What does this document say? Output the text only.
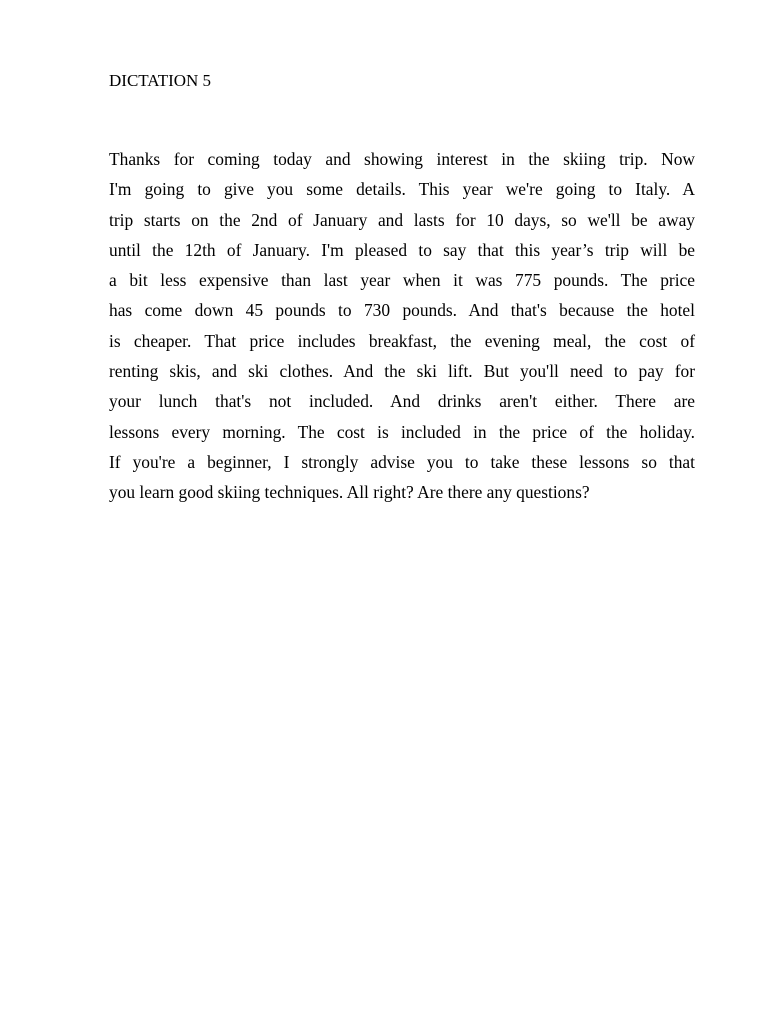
DICTATION 5

Thanks for coming today and showing interest in the skiing trip. Now
I'm going to give you some details. This year we're going to Italy. A
trip starts on the 2nd of January and lasts for 10 days, so we'll be away
until the 12th of January. I'm pleased to say that this year’s trip will be
a bit less expensive than last year when it was 775 pounds. The price
has come down 45 pounds to 730 pounds. And that's because the hotel
is cheaper. That price includes breakfast, the evening meal, the cost of
renting skis, and ski clothes. And the ski lift. But you'll need to pay for
your lunch that's not included. And drinks aren't either. There are
lessons every morning. The cost is included in the price of the holiday.
If you're a beginner, I strongly advise you to take these lessons so that
you learn good skiing techniques. All right? Are there any questions?
